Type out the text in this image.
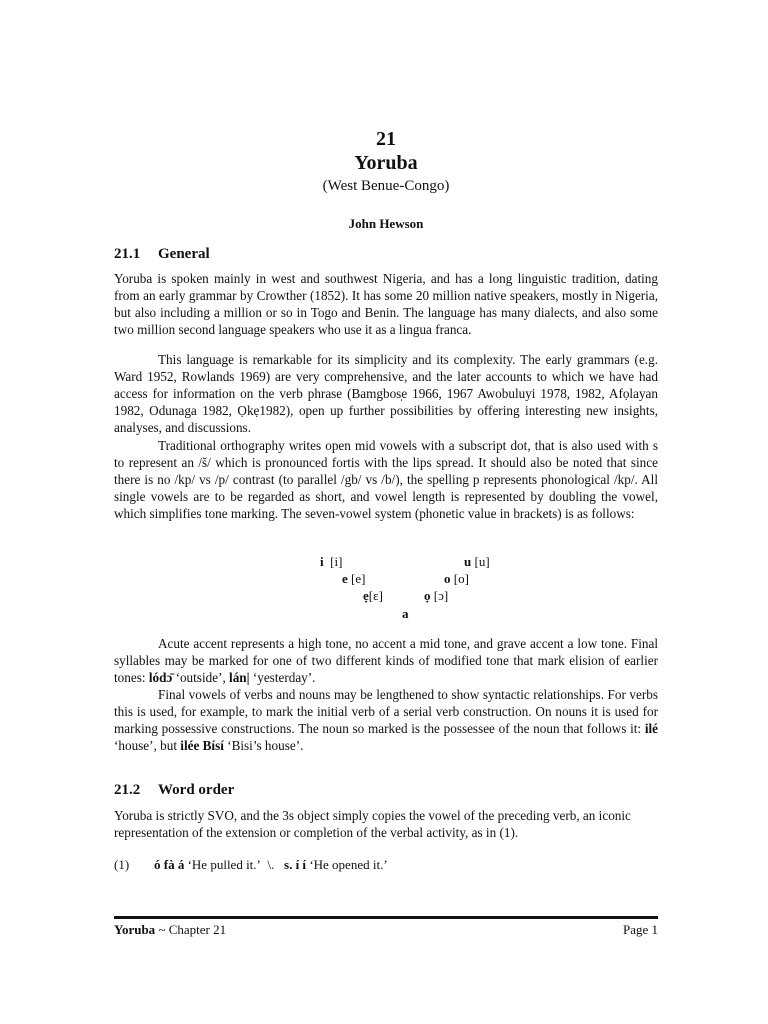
21
Yoruba
(West Benue-Congo)
John Hewson
21.1 General

Yoruba is spoken mainly in west and southwest Nigeria, and has a long linguistic tradition, dating from an early grammar by Crowther (1852). It has some 20 million native speakers, mostly in Nigeria, but also including a million or so in Togo and Benin. The language has many dialects, and also some two million second language speakers who use it as a lingua franca.

This language is remarkable for its simplicity and its complexity. The early grammars (e.g. Ward 1952, Rowlands 1969) are very comprehensive, and the later accounts to which we have had access for information on the verb phrase (Bamgbos̩e 1966, 1967 Awobuluyi 1978, 1982, Afọlayan 1982, Odunaga 1982, Ọkẹ1982), open up further possibilities by offering interesting new insights, analyses, and discussions.

Traditional orthography writes open mid vowels with a subscript dot, that is also used with s to represent an /š/ which is pronounced fortis with the lips spread. It should also be noted that since there is no /kp/ vs /p/ contrast (to parallel /gb/ vs /b/), the spelling p represents phonological /kp/. All single vowels are to be regarded as short, and vowel length is represented by doubling the vowel, which simplifies tone marking. The seven-vowel system (phonetic value in brackets) is as follows:

i [i]	u [u]
e [e]	o [o]
ẹ[ɛ]	ọ [ɔ]
a

Acute accent represents a high tone, no accent a mid tone, and grave accent a low tone. Final syllables may be marked for one of two different kinds of modified tone that mark elision of earlier tones: lódɔ̄ ‘outside’, lán| ‘yesterday’.

Final vowels of verbs and nouns may be lengthened to show syntactic relationships. For verbs this is used, for example, to mark the initial verb of a serial verb construction. On nouns it is used for marking possessive constructions. The noun so marked is the possessee of the noun that follows it: ilé ‘house’, but ilée Bísí ‘Bisi’s house’.

21.2 Word order

Yoruba is strictly SVO, and the 3s object simply copies the vowel of the preceding verb, an iconic representation of the extension or completion of the verbal activity, as in (1).

(1) ó fà á ‘He pulled it.’ \. s. í í ‘He opened it.’
Yoruba ~ Chapter 21	Page 1
